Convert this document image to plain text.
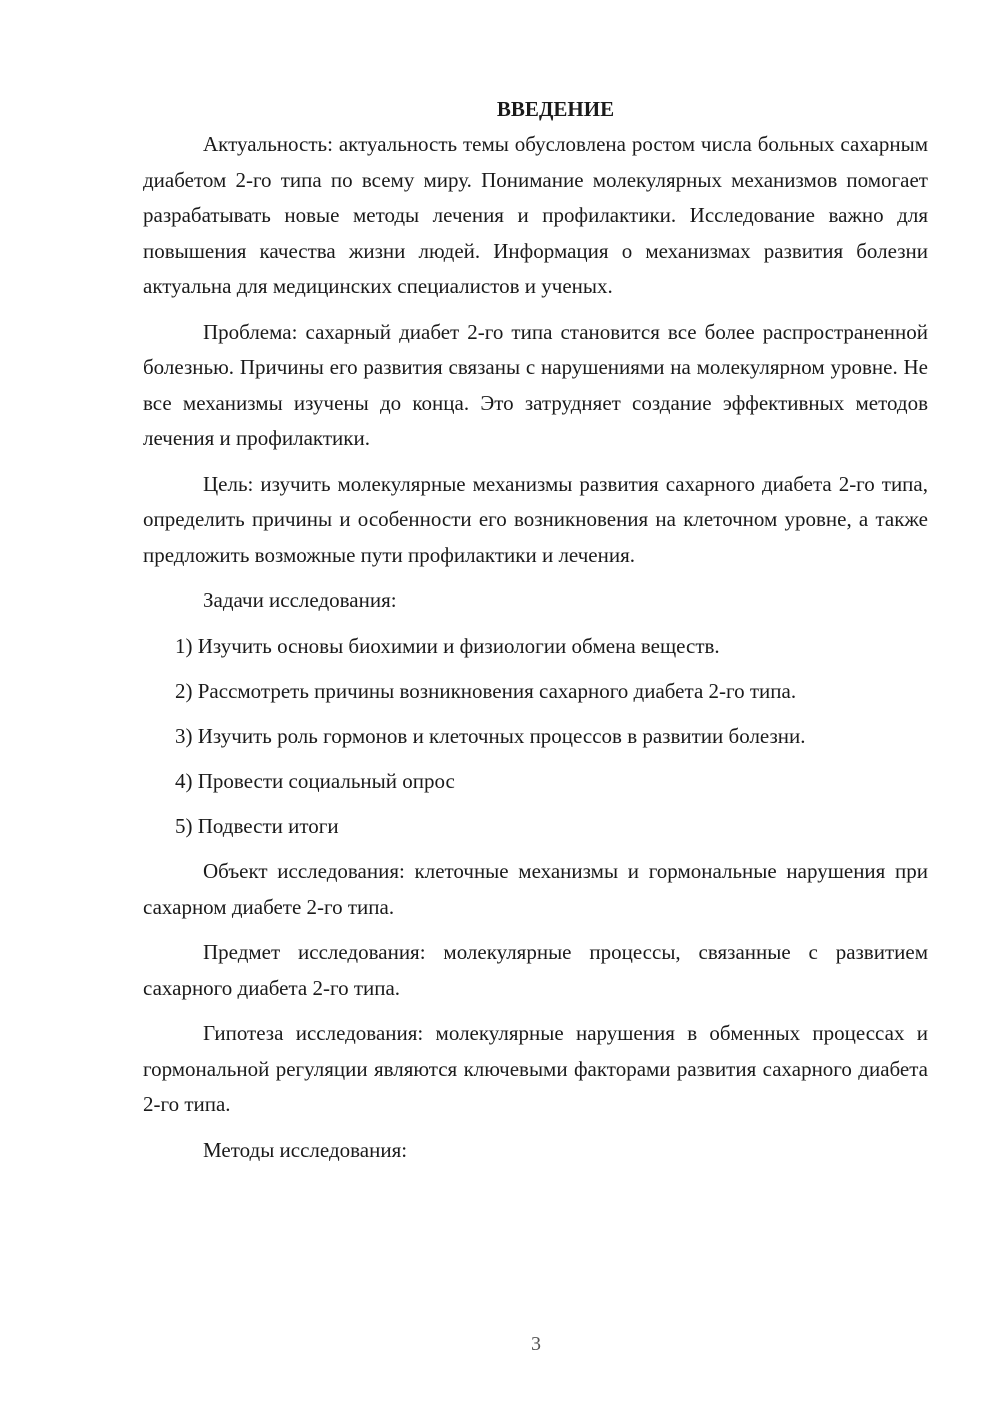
ВВЕДЕНИЕ

Актуальность: актуальность темы обусловлена ростом числа больных сахарным диабетом 2-го типа по всему миру. Понимание молекулярных механизмов помогает разрабатывать новые методы лечения и профилактики. Исследование важно для повышения качества жизни людей. Информация о механизмах развития болезни актуальна для медицинских специалистов и ученых.

Проблема: сахарный диабет 2-го типа становится все более распространенной болезнью. Причины его развития связаны с нарушениями на молекулярном уровне. Не все механизмы изучены до конца. Это затрудняет создание эффективных методов лечения и профилактики.

Цель: изучить молекулярные механизмы развития сахарного диабета 2-го типа, определить причины и особенности его возникновения на клеточном уровне, а также предложить возможные пути профилактики и лечения.

Задачи исследования:

1) Изучить основы биохимии и физиологии обмена веществ.
2) Рассмотреть причины возникновения сахарного диабета 2-го типа.
3) Изучить роль гормонов и клеточных процессов в развитии болезни.
4) Провести социальный опрос
5) Подвести итоги

Объект исследования: клеточные механизмы и гормональные нарушения при сахарном диабете 2-го типа.

Предмет исследования: молекулярные процессы, связанные с развитием сахарного диабета 2-го типа.

Гипотеза исследования: молекулярные нарушения в обменных процессах и гормональной регуляции являются ключевыми факторами развития сахарного диабета 2-го типа.

Методы исследования:

3
